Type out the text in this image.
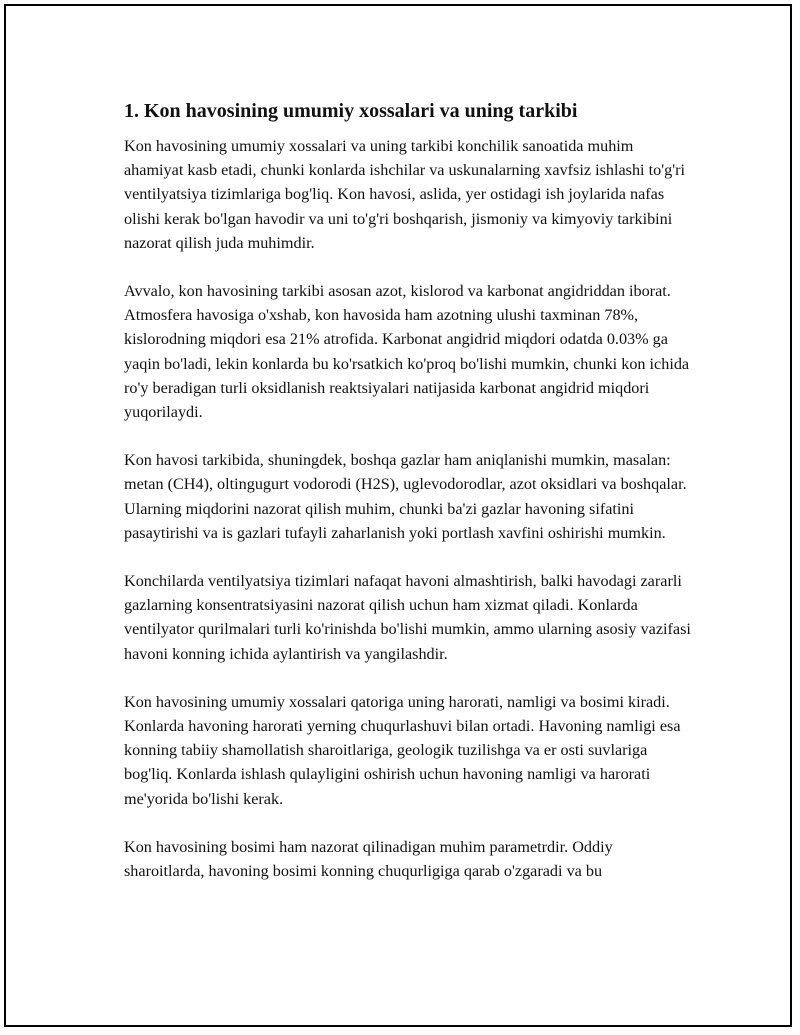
1. Kon havosining umumiy xossalari va uning tarkibi

Kon havosining umumiy xossalari va uning tarkibi konchilik sanoatida muhim ahamiyat kasb etadi, chunki konlarda ishchilar va uskunalarning xavfsiz ishlashi to'g'ri ventilyatsiya tizimlariga bog'liq. Kon havosi, aslida, yer ostidagi ish joylarida nafas olishi kerak bo'lgan havodir va uni to'g'ri boshqarish, jismoniy va kimyoviy tarkibini nazorat qilish juda muhimdir.

Avvalo, kon havosining tarkibi asosan azot, kislorod va karbonat angidriddan iborat. Atmosfera havosiga o'xshab, kon havosida ham azotning ulushi taxminan 78%, kislorodning miqdori esa 21% atrofida. Karbonat angidrid miqdori odatda 0.03% ga yaqin bo'ladi, lekin konlarda bu ko'rsatkich ko'proq bo'lishi mumkin, chunki kon ichida ro'y beradigan turli oksidlanish reaktsiyalari natijasida karbonat angidrid miqdori yuqorilaydi.

Kon havosi tarkibida, shuningdek, boshqa gazlar ham aniqlanishi mumkin, masalan: metan (CH4), oltingugurt vodorodi (H2S), uglevodorodlar, azot oksidlari va boshqalar. Ularning miqdorini nazorat qilish muhim, chunki ba'zi gazlar havoning sifatini pasaytirishi va is gazlari tufayli zaharlanish yoki portlash xavfini oshirishi mumkin.

Konchilarda ventilyatsiya tizimlari nafaqat havoni almashtirish, balki havodagi zararli gazlarning konsentratsiyasini nazorat qilish uchun ham xizmat qiladi. Konlarda ventilyator qurilmalari turli ko'rinishda bo'lishi mumkin, ammo ularning asosiy vazifasi havoni konning ichida aylantirish va yangilashdir.

Kon havosining umumiy xossalari qatoriga uning harorati, namligi va bosimi kiradi. Konlarda havoning harorati yerning chuqurlashuvi bilan ortadi. Havoning namligi esa konning tabiiy shamollatish sharoitlariga, geologik tuzilishga va er osti suvlariga bog'liq. Konlarda ishlash qulayligini oshirish uchun havoning namligi va harorati me'yorida bo'lishi kerak.

Kon havosining bosimi ham nazorat qilinadigan muhim parametrdir. Oddiy sharoitlarda, havoning bosimi konning chuqurligiga qarab o'zgaradi va bu
